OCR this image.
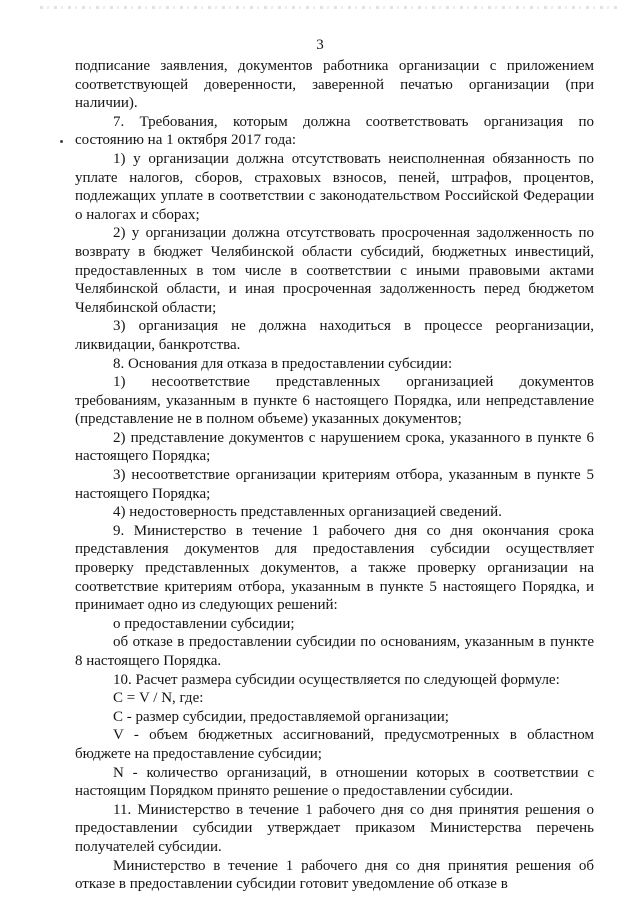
3

подписание заявления, документов работника организации с приложением соответствующей доверенности, заверенной печатью организации (при наличии).

7. Требования, которым должна соответствовать организация по состоянию на 1 октября 2017 года:

1) у организации должна отсутствовать неисполненная обязанность по уплате налогов, сборов, страховых взносов, пеней, штрафов, процентов, подлежащих уплате в соответствии с законодательством Российской Федерации о налогах и сборах;

2) у организации должна отсутствовать просроченная задолженность по возврату в бюджет Челябинской области субсидий, бюджетных инвестиций, предоставленных в том числе в соответствии с иными правовыми актами Челябинской области, и иная просроченная задолженность перед бюджетом Челябинской области;

3) организация не должна находиться в процессе реорганизации, ликвидации, банкротства.

8. Основания для отказа в предоставлении субсидии:

1) несоответствие представленных организацией документов требованиям, указанным в пункте 6 настоящего Порядка, или непредставление (представление не в полном объеме) указанных документов;

2) представление документов с нарушением срока, указанного в пункте 6 настоящего Порядка;

3) несоответствие организации критериям отбора, указанным в пункте 5 настоящего Порядка;

4) недостоверность представленных организацией сведений.

9. Министерство в течение 1 рабочего дня со дня окончания срока представления документов для предоставления субсидии осуществляет проверку представленных документов, а также проверку организации на соответствие критериям отбора, указанным в пункте 5 настоящего Порядка, и принимает одно из следующих решений:

о предоставлении субсидии;

об отказе в предоставлении субсидии по основаниям, указанным в пункте 8 настоящего Порядка.

10. Расчет размера субсидии осуществляется по следующей формуле:

С = V / N, где:

С - размер субсидии, предоставляемой организации;

V - объем бюджетных ассигнований, предусмотренных в областном бюджете на предоставление субсидии;

N - количество организаций, в отношении которых в соответствии с настоящим Порядком принято решение о предоставлении субсидии.

11. Министерство в течение 1 рабочего дня со дня принятия решения о предоставлении субсидии утверждает приказом Министерства перечень получателей субсидии.

Министерство в течение 1 рабочего дня со дня принятия решения об отказе в предоставлении субсидии готовит уведомление об отказе в
